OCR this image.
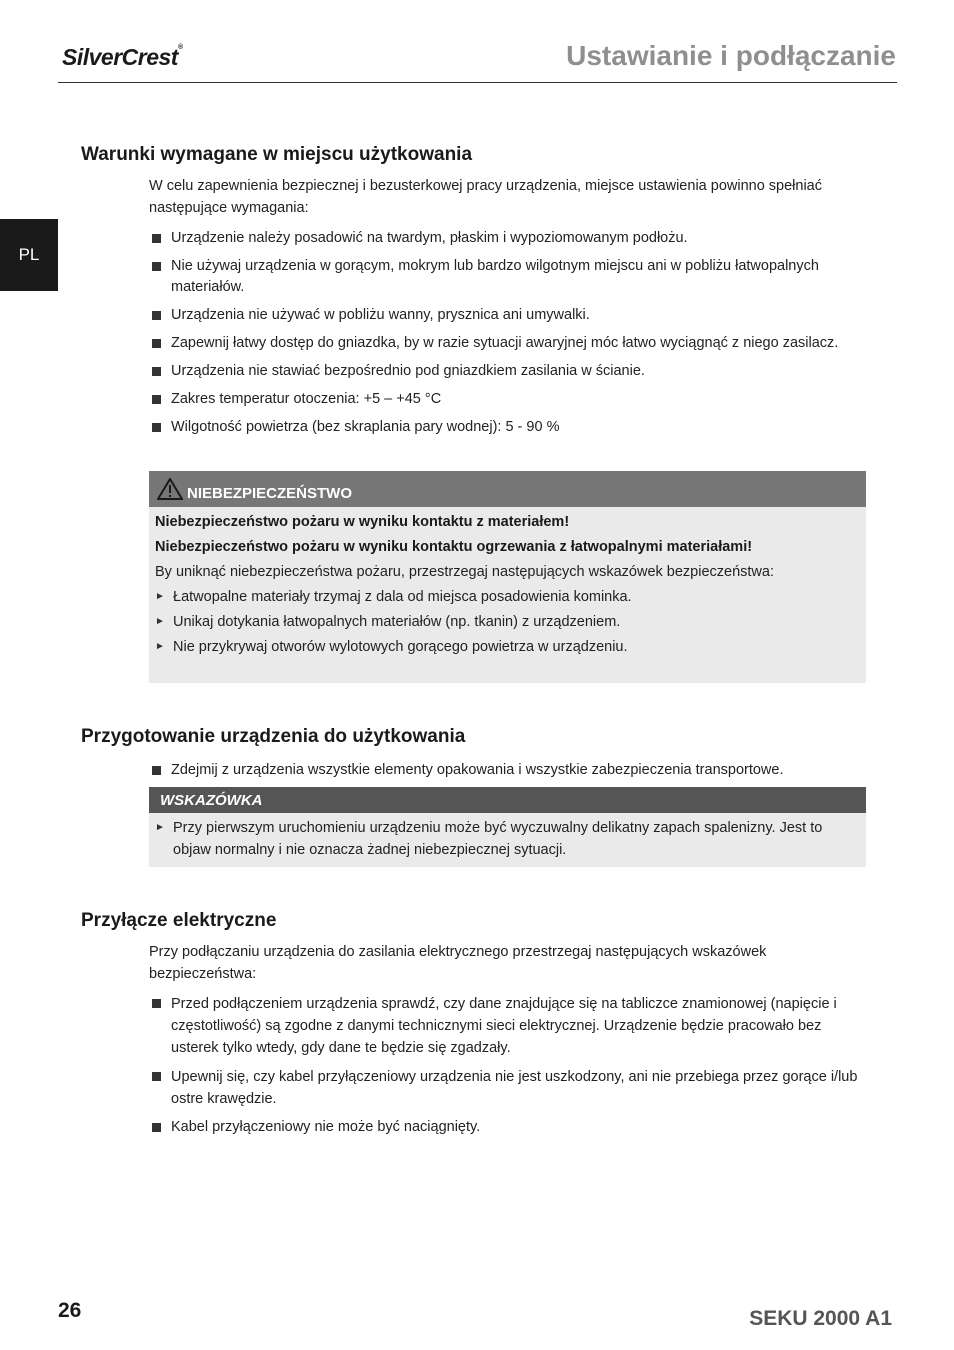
SilverCrest®	Ustawianie i podłączanie
PL
Warunki wymagane w miejscu użytkowania
W celu zapewnienia bezpiecznej i bezusterkowej pracy urządzenia, miejsce ustawienia powinno spełniać następujące wymagania:
Urządzenie należy posadowić na twardym, płaskim i wypoziomowanym podłożu.
Nie używaj urządzenia w gorącym, mokrym lub bardzo wilgotnym miejscu ani w pobliżu łatwopalnych materiałów.
Urządzenia nie używać w pobliżu wanny, prysznica ani umywalki.
Zapewnij łatwy dostęp do gniazdka, by w razie sytuacji awaryjnej móc łatwo wyciągnąć z niego zasilacz.
Urządzenia nie stawiać bezpośrednio pod gniazdkiem zasilania w ścianie.
Zakres temperatur otoczenia: +5 – +45 °C
Wilgotność powietrza (bez skraplania pary wodnej): 5 - 90 %
NIEBEZPIECZEŃSTWO
Niebezpieczeństwo pożaru w wyniku kontaktu z materiałem!
Niebezpieczeństwo pożaru w wyniku kontaktu ogrzewania z łatwopalnymi materiałami!
By uniknąć niebezpieczeństwa pożaru, przestrzegaj następujących wskazówek bezpieczeństwa:
► Łatwopalne materiały trzymaj z dala od miejsca posadowienia kominka.
► Unikaj dotykania łatwopalnych materiałów (np. tkanin) z urządzeniem.
► Nie przykrywaj otworów wylotowych gorącego powietrza w urządzeniu.
Przygotowanie urządzenia do użytkowania
Zdejmij z urządzenia wszystkie elementy opakowania i wszystkie zabezpieczenia transportowe.
WSKAZÓWKA
► Przy pierwszym uruchomieniu urządzeniu może być wyczuwalny delikatny zapach spalenizny. Jest to objaw normalny i nie oznacza żadnej niebezpiecznej sytuacji.
Przyłącze elektryczne
Przy podłączaniu urządzenia do zasilania elektrycznego przestrzegaj następujących wskazówek bezpieczeństwa:
Przed podłączeniem urządzenia sprawdź, czy dane znajdujące się na tabliczce znamionowej (napięcie i częstotliwość) są zgodne z danymi technicznymi sieci elektrycznej. Urządzenie będzie pracowało bez usterek tylko wtedy, gdy dane te będzie się zgadzały.
Upewnij się, czy kabel przyłączeniowy urządzenia nie jest uszkodzony, ani nie przebiega przez gorące i/lub ostre krawędzie.
Kabel przyłączeniowy nie może być naciągnięty.
26	SEKU 2000 A1
